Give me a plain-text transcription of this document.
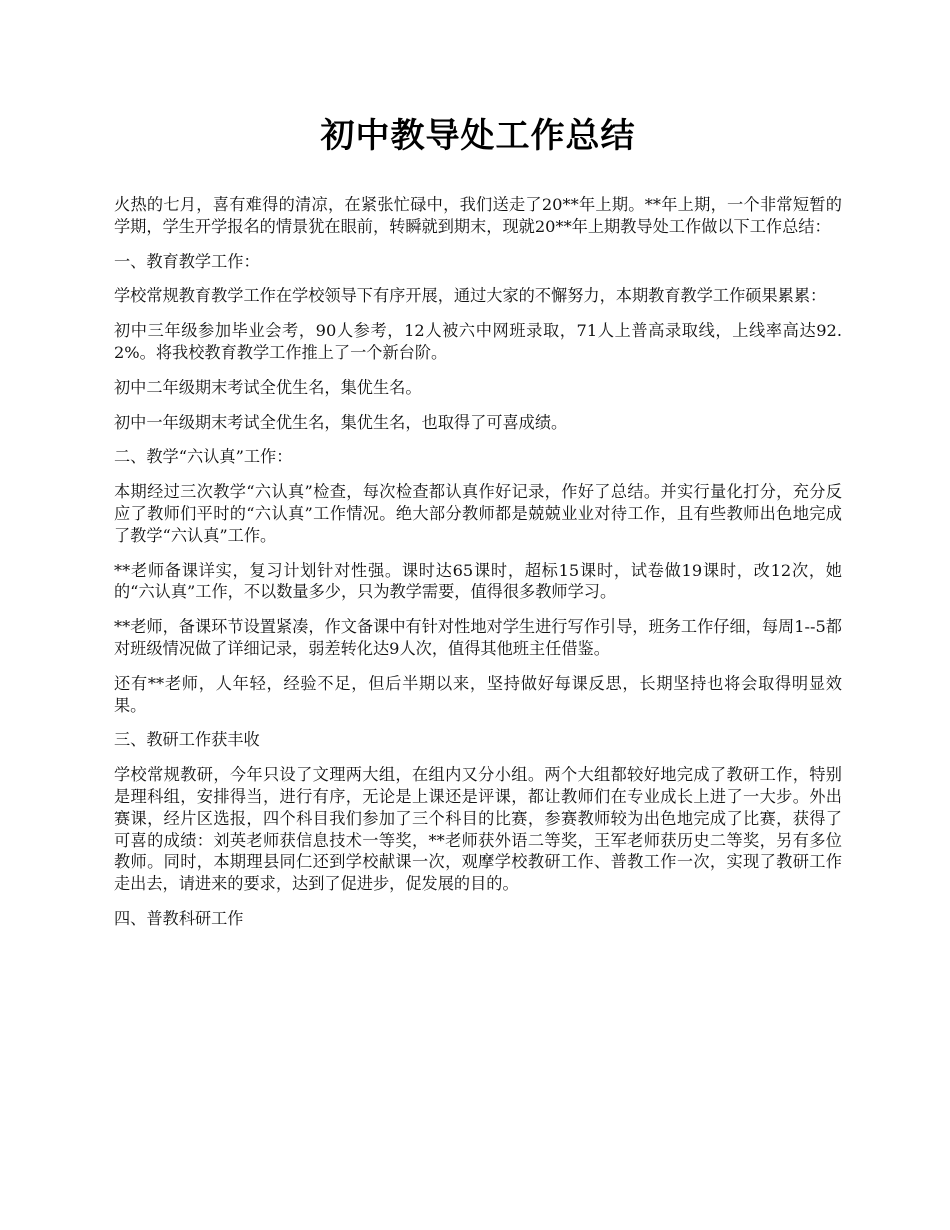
初中教导处工作总结

火热的七月，喜有难得的清凉，在紧张忙碌中，我们送走了20**年上期。**年上期，一个非常短暂的学期，学生开学报名的情景犹在眼前，转瞬就到期末，现就20**年上期教导处工作做以下工作总结：

一、教育教学工作：

学校常规教育教学工作在学校领导下有序开展，通过大家的不懈努力，本期教育教学工作硕果累累：

初中三年级参加毕业会考，90人参考，12人被六中网班录取，71人上普高录取线，上线率高达92.2%。将我校教育教学工作推上了一个新台阶。

初中二年级期末考试全优生名，集优生名。

初中一年级期末考试全优生名，集优生名，也取得了可喜成绩。

二、教学“六认真”工作：

本期经过三次教学“六认真”检查，每次检查都认真作好记录，作好了总结。并实行量化打分，充分反应了教师们平时的“六认真”工作情况。绝大部分教师都是兢兢业业对待工作，且有些教师出色地完成了教学“六认真”工作。

**老师备课详实，复习计划针对性强。课时达65课时，超标15课时，试卷做19课时，改12次，她的“六认真”工作，不以数量多少，只为教学需要，值得很多教师学习。

**老师，备课环节设置紧凑，作文备课中有针对性地对学生进行写作引导，班务工作仔细，每周1--5都对班级情况做了详细记录，弱差转化达9人次，值得其他班主任借鉴。

还有**老师，人年轻，经验不足，但后半期以来，坚持做好每课反思，长期坚持也将会取得明显效果。

三、教研工作获丰收

学校常规教研，今年只设了文理两大组，在组内又分小组。两个大组都较好地完成了教研工作，特别是理科组，安排得当，进行有序，无论是上课还是评课，都让教师们在专业成长上进了一大步。外出赛课，经片区选报，四个科目我们参加了三个科目的比赛，参赛教师较为出色地完成了比赛，获得了可喜的成绩：刘英老师获信息技术一等奖，**老师获外语二等奖，王军老师获历史二等奖，另有多位教师。同时，本期理县同仁还到学校献课一次，观摩学校教研工作、普教工作一次，实现了教研工作走出去，请进来的要求，达到了促进步，促发展的目的。

四、普教科研工作
